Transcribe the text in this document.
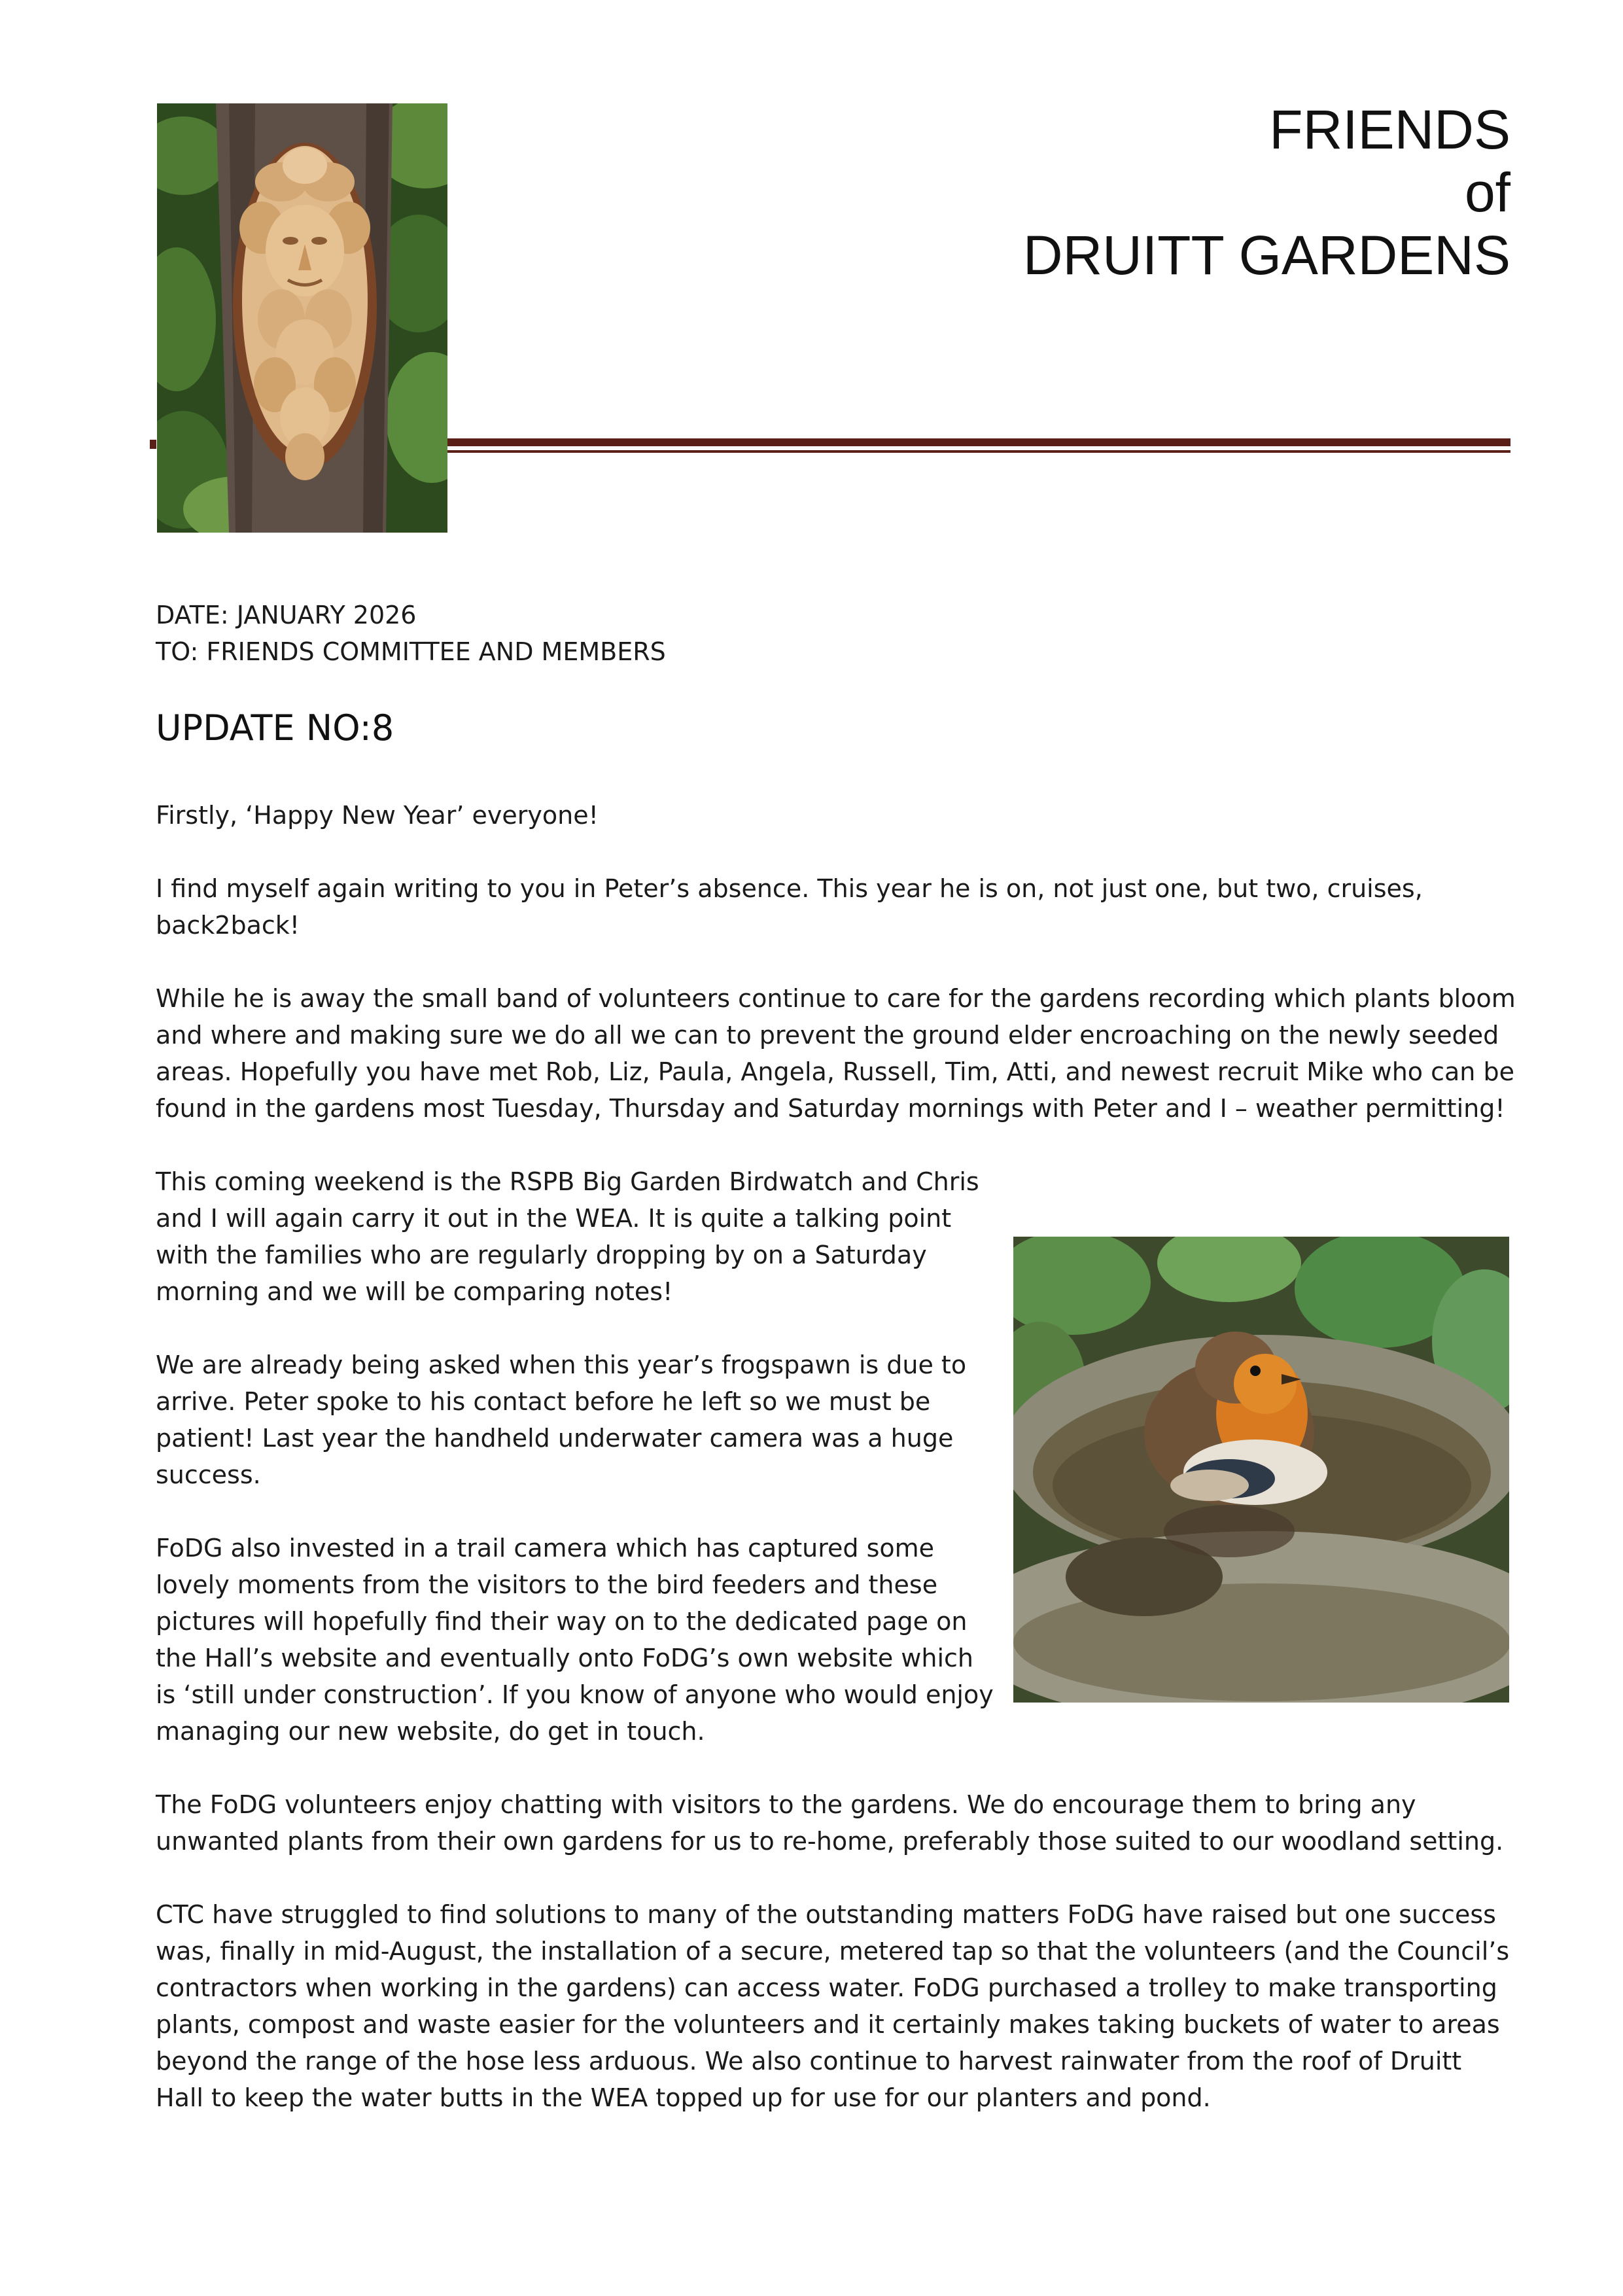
FRIENDS
of
DRUITT GARDENS
DATE: JANUARY 2026
TO: FRIENDS COMMITTEE AND MEMBERS
UPDATE NO:8

Firstly, ‘Happy New Year’ everyone!

I find myself again writing to you in Peter’s absence. This year he is on, not just one, but two, cruises, back2back!

While he is away the small band of volunteers continue to care for the gardens recording which plants bloom and where and making sure we do all we can to prevent the ground elder encroaching on the newly seeded areas. Hopefully you have met Rob, Liz, Paula, Angela, Russell, Tim, Atti, and newest recruit Mike who can be found in the gardens most Tuesday, Thursday and Saturday mornings with Peter and I – weather permitting!

This coming weekend is the RSPB Big Garden Birdwatch and Chris and I will again carry it out in the WEA. It is quite a talking point with the families who are regularly dropping by on a Saturday morning and we will be comparing notes!

We are already being asked when this year’s frogspawn is due to arrive. Peter spoke to his contact before he left so we must be patient! Last year the handheld underwater camera was a huge success.

FoDG also invested in a trail camera which has captured some lovely moments from the visitors to the bird feeders and these pictures will hopefully find their way on to the dedicated page on the Hall’s website and eventually onto FoDG’s own website which is ‘still under construction’. If you know of anyone who would enjoy managing our new website, do get in touch.

The FoDG volunteers enjoy chatting with visitors to the gardens. We do encourage them to bring any unwanted plants from their own gardens for us to re-home, preferably those suited to our woodland setting.

CTC have struggled to find solutions to many of the outstanding matters FoDG have raised but one success was, finally in mid-August, the installation of a secure, metered tap so that the volunteers (and the Council’s contractors when working in the gardens) can access water. FoDG purchased a trolley to make transporting plants, compost and waste easier for the volunteers and it certainly makes taking buckets of water to areas beyond the range of the hose less arduous. We also continue to harvest rainwater from the roof of Druitt Hall to keep the water butts in the WEA topped up for use for our planters and pond.
